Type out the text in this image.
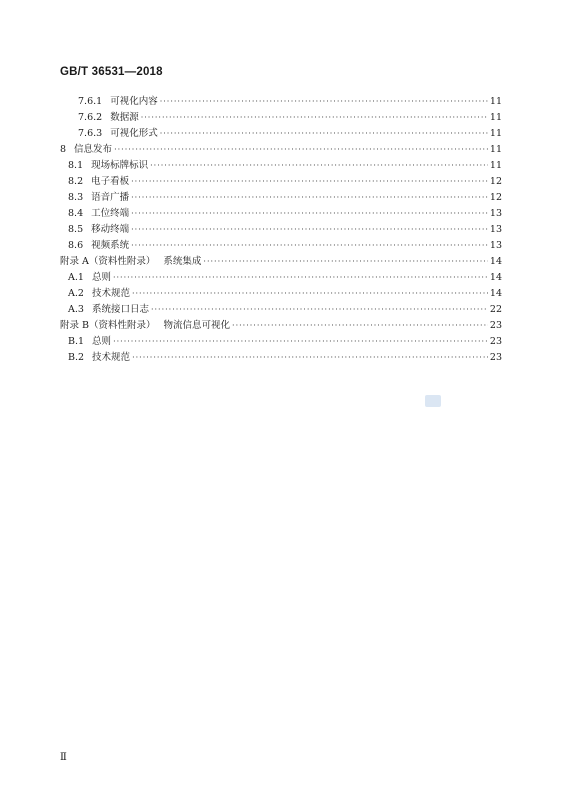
GB/T 36531—2018
7.6.1 可视化内容 ·····	11
7.6.2 数据源 ·····	11
7.6.3 可视化形式 ·····	11
8 信息发布 ·····	11
8.1 现场标牌标识 ·····	11
8.2 电子看板 ·····	12
8.3 语音广播 ·····	12
8.4 工位终端 ·····	13
8.5 移动终端 ·····	13
8.6 视频系统 ·····	13
附录 A（资料性附录） 系统集成 ·····	14
A.1 总则 ·····	14
A.2 技术规范 ·····	14
A.3 系统接口日志 ·····	22
附录 B（资料性附录） 物流信息可视化 ·····	23
B.1 总则 ·····	23
B.2 技术规范 ·····	23
Ⅱ
